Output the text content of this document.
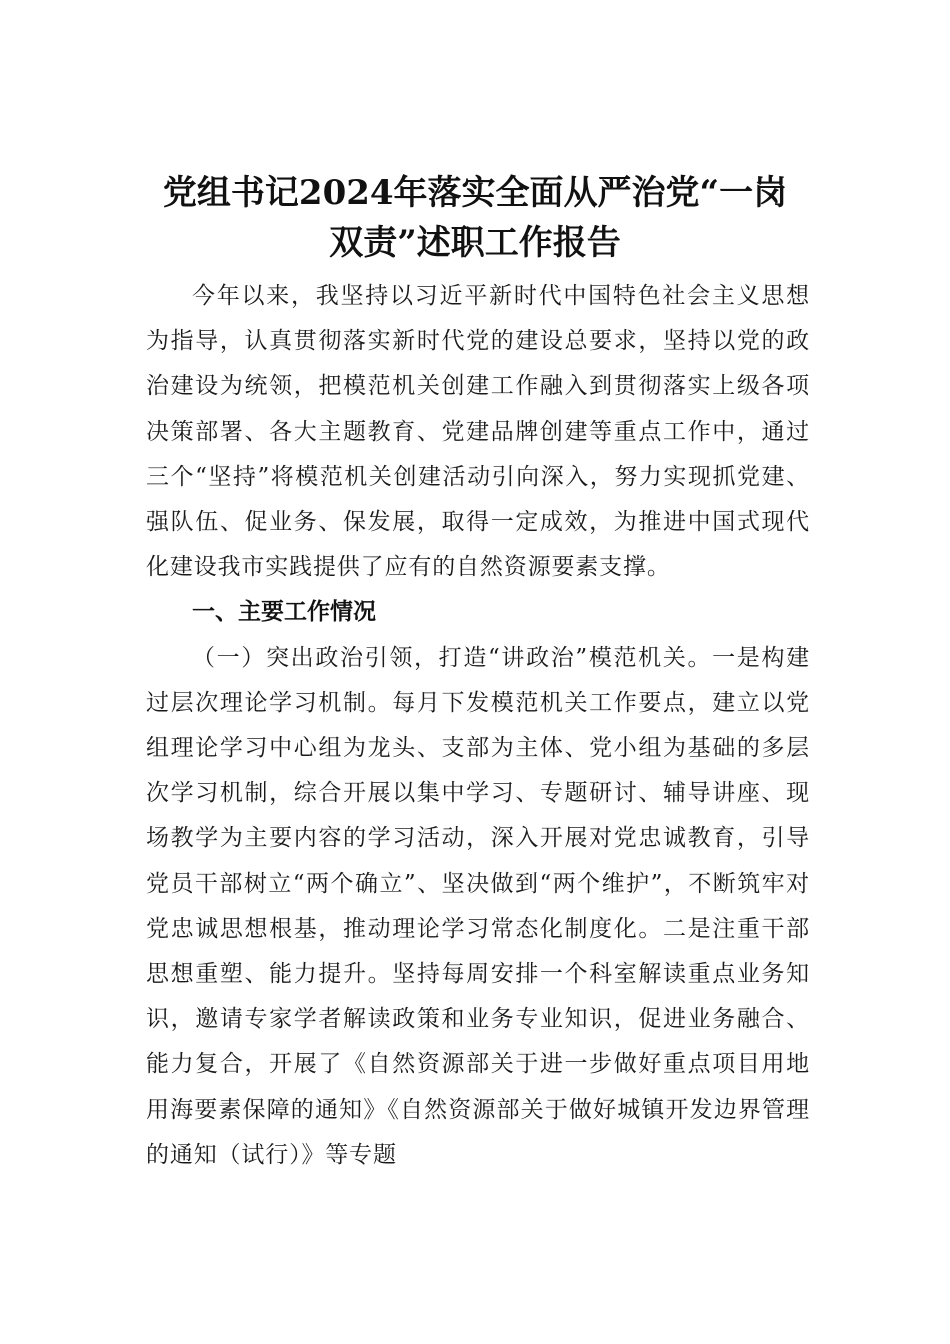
党组书记2024年落实全面从严治党“一岗
双责”述职工作报告

今年以来，我坚持以习近平新时代中国特色社会主义思想为指导，认真贯彻落实新时代党的建设总要求，坚持以党的政治建设为统领，把模范机关创建工作融入到贯彻落实上级各项决策部署、各大主题教育、党建品牌创建等重点工作中，通过三个“坚持”将模范机关创建活动引向深入，努力实现抓党建、强队伍、促业务、保发展，取得一定成效，为推进中国式现代化建设我市实践提供了应有的自然资源要素支撑。

一、主要工作情况

（一）突出政治引领，打造“讲政治”模范机关。一是构建过层次理论学习机制。每月下发模范机关工作要点，建立以党组理论学习中心组为龙头、支部为主体、党小组为基础的多层次学习机制，综合开展以集中学习、专题研讨、辅导讲座、现场教学为主要内容的学习活动，深入开展对党忠诚教育，引导党员干部树立“两个确立”、坚决做到“两个维护”，不断筑牢对党忠诚思想根基，推动理论学习常态化制度化。二是注重干部思想重塑、能力提升。坚持每周安排一个科室解读重点业务知识，邀请专家学者解读政策和业务专业知识，促进业务融合、能力复合，开展了《自然资源部关于进一步做好重点项目用地用海要素保障的通知》《自然资源部关于做好城镇开发边界管理的通知（试行）》等专题
